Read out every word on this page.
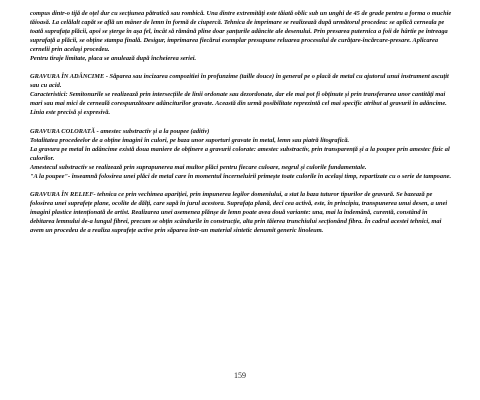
compus dintr-o tijă de oțel dur cu secțiunea pătratică sau rombică. Una dintre extremități este tăiată oblic sub un unghi de 45 de grade pentru a forma o muchie tăioasă. La celălalt capăt se află un mâner de lemn în formă de ciupercă. Tehnica de imprimare se realizează după următorul procedeu: se aplică cerneala pe toată suprafața plăcii, apoi se șterge în așa fel, încât să rămână pline doar șanțurile adâncite ale desenului. Prin presarea puternica a foii de hârtie pe întreaga suprafață a plăcii, se obține stampa finală. Desigur, imprimarea fiecărui exemplar presupune reluarea procesului de curățare-încărcare-presare. Aplicarea cernelii prin acelaşi procedeu.

Pentru tiraje limitate, placa se anulează după încheierea seriei.

GRAVURA ÎN ADÂNCIME - Săparea sau incizarea compozitiei în profunzime (taille douce) în general pe o placă de metal cu ajutorul unui instrument ascuțit sau cu acid.

Caracteristici: Semitonurile se realizează prin intersecțiile de linii ordonate sau dezordonate, dar ele mai pot fi obținute și prin transferarea unor cantități mai mari sau mai mici de cerneală corespunzătoare adânciturilor gravate. Această din urmă posibilitate reprezintă cel mai specific atribut al gravurii în adâncime. Linia este precisă și expresivă.

GRAVURA COLORATĂ - amestec substractiv și a la poupee (aditiv)

Totalitatea procedeelor de a obține imagini în culori, pe baza unor suporturi gravate în metal, lemn sau piatră litografică.

La gravura pe metal în adâncime există doua maniere de obținere a gravurii colorate: amestec substractiv, prin transparență și a la poupee prin amestec fizic al culorilor.

Amestecul substractiv se realizează prin suprapunerea mai multor plăci pentru fiecare culoare, negrul și culorile fundamentale.

"A la poupee"- înseamnă folosirea unei plăci de metal care în momentul încerneluirii primește toate culorile în același timp, repartizate cu o serie de tampoane.

GRAVURA ÎN RELIEF- tehnica ce prin vechimea apariției, prin impunerea legilor domeniului, a stat la baza tuturor tipurilor de gravură. Se bazează pe folosirea unei suprafețe plane, ocolite de dălți, care sapă în jurul acestora. Suprafața plană, deci cea activă, este, în principiu, transpunerea unui desen, a unei imagini plastice intenționată de artist. Realizarea unei asemenea plănșe de lemn poate avea două variante: una, mai la îndemână, curentă, constând în debitarea lemnului de-a lungul fibrei, precum se obțin scândurile în construcție, alta prin tăierea trunchiului secționând fibra. În cadrul acestei tehnici, mai avem un procedeu de a realiza suprafețe active prin săparea într-un material sintetic denumit generic linoleum.

159
